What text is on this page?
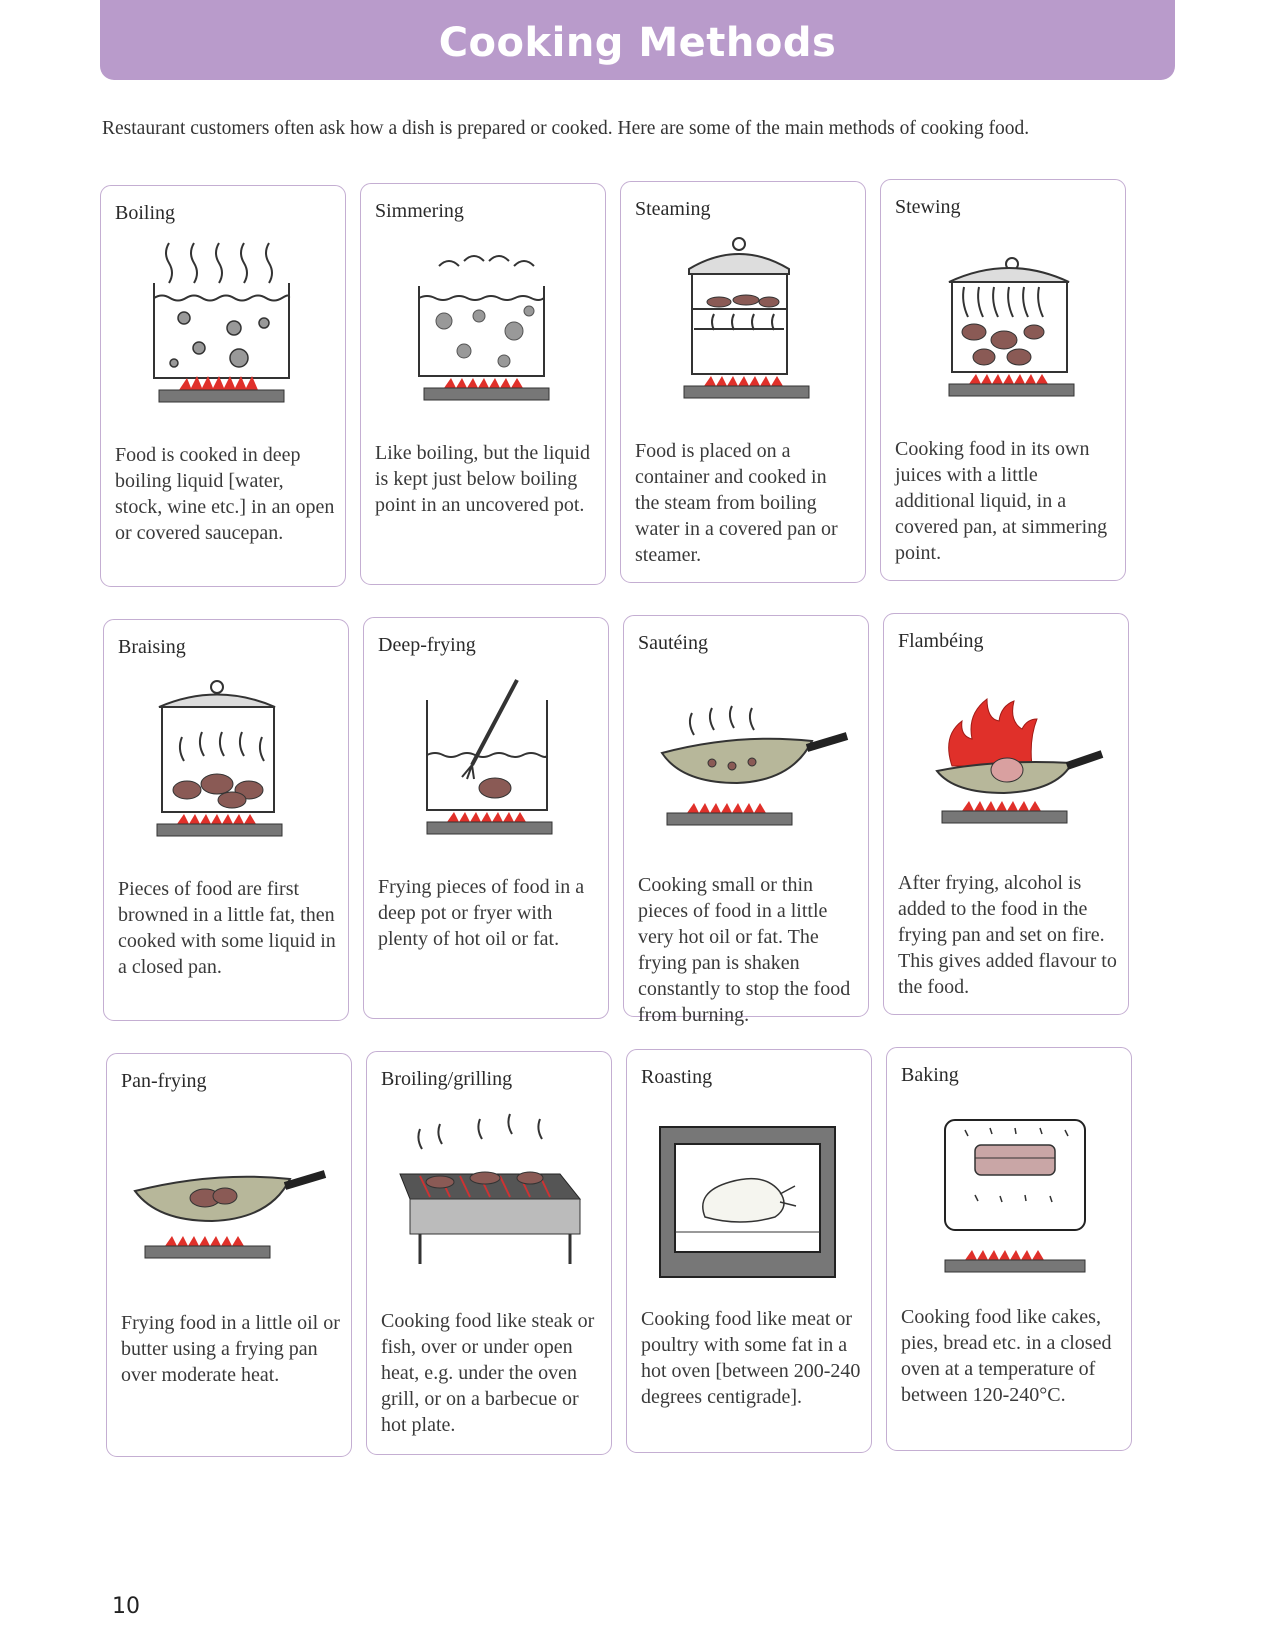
Cooking Methods
Restaurant customers often ask how a dish is prepared or cooked. Here are some of the main methods of cooking food.
Boiling
Food is cooked in deep boiling liquid [water, stock, wine etc.] in an open or covered saucepan.
Simmering
Like boiling, but the liquid is kept just below boiling point in an uncovered pot.
Steaming
Food is placed on a container and cooked in the steam from boiling water in a covered pan or steamer.
Stewing
Cooking food in its own juices with a little additional liquid, in a covered pan, at simmering point.
Braising
Pieces of food are first browned in a little fat, then cooked with some liquid in a closed pan.
Deep-frying
Frying pieces of food in a deep pot or fryer with plenty of hot oil or fat.
Sautéing
Cooking small or thin pieces of food in a little very hot oil or fat. The frying pan is shaken constantly to stop the food from burning.
Flambéing
After frying, alcohol is added to the food in the frying pan and set on fire. This gives added flavour to the food.
Pan-frying
Frying food in a little oil or butter using a frying pan over moderate heat.
Broiling/grilling
Cooking food like steak or fish, over or under open heat, e.g. under the oven grill, or on a barbecue or hot plate.
Roasting
Cooking food like meat or poultry with some fat in a hot oven [between 200-240 degrees centigrade].
Baking
Cooking food like cakes, pies, bread etc. in a closed oven at a temperature of between 120-240°C.
10
